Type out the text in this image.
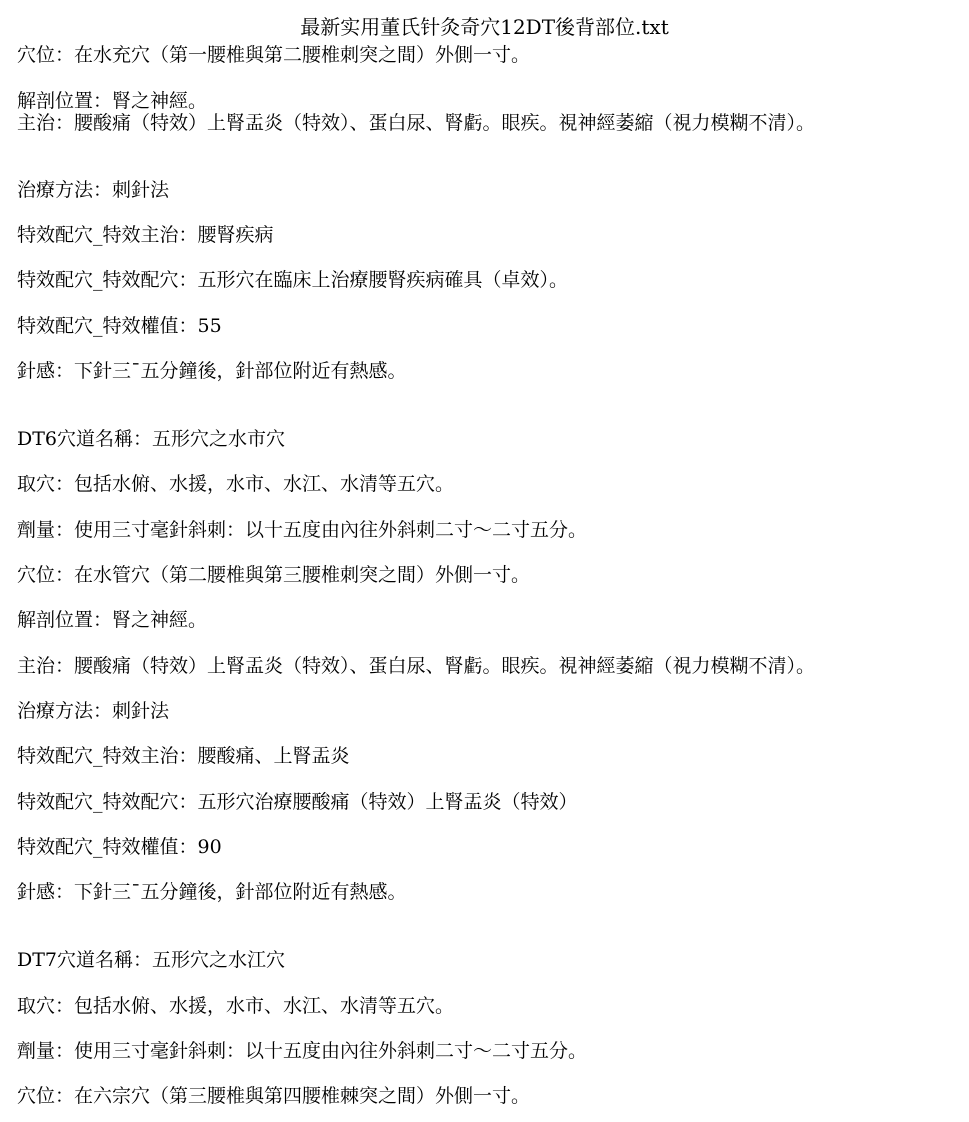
最新实用董氏针灸奇穴12DT後背部位.txt
穴位：在水充穴（第一腰椎與第二腰椎刺突之間）外側一寸。
解剖位置：腎之神經。
主治：腰酸痛（特效）上腎盂炎（特效）、蛋白尿、腎虧。眼疾。視神經萎縮（視力模糊不清）。
治療方法：刺針法
特效配穴_特效主治：腰腎疾病
特效配穴_特效配穴：五形穴在臨床上治療腰腎疾病確具（卓效）。
特效配穴_特效權值：55
針感：下針三¯五分鐘後，針部位附近有熱感。
DT6穴道名稱：五形穴之水市穴
取穴：包括水俯、水援，水市、水江、水清等五穴。
劑量：使用三寸毫針斜刺：以十五度由內往外斜刺二寸～二寸五分。
穴位：在水管穴（第二腰椎與第三腰椎刺突之間）外側一寸。
解剖位置：腎之神經。
主治：腰酸痛（特效）上腎盂炎（特效）、蛋白尿、腎虧。眼疾。視神經萎縮（視力模糊不清）。
治療方法：刺針法
特效配穴_特效主治：腰酸痛、上腎盂炎
特效配穴_特效配穴：五形穴治療腰酸痛（特效）上腎盂炎（特效）
特效配穴_特效權值：90
針感：下針三¯五分鐘後，針部位附近有熱感。
DT7穴道名稱：五形穴之水江穴
取穴：包括水俯、水援，水市、水江、水清等五穴。
劑量：使用三寸毫針斜刺：以十五度由內往外斜刺二寸～二寸五分。
穴位：在六宗穴（第三腰椎與第四腰椎棘突之間）外側一寸。
